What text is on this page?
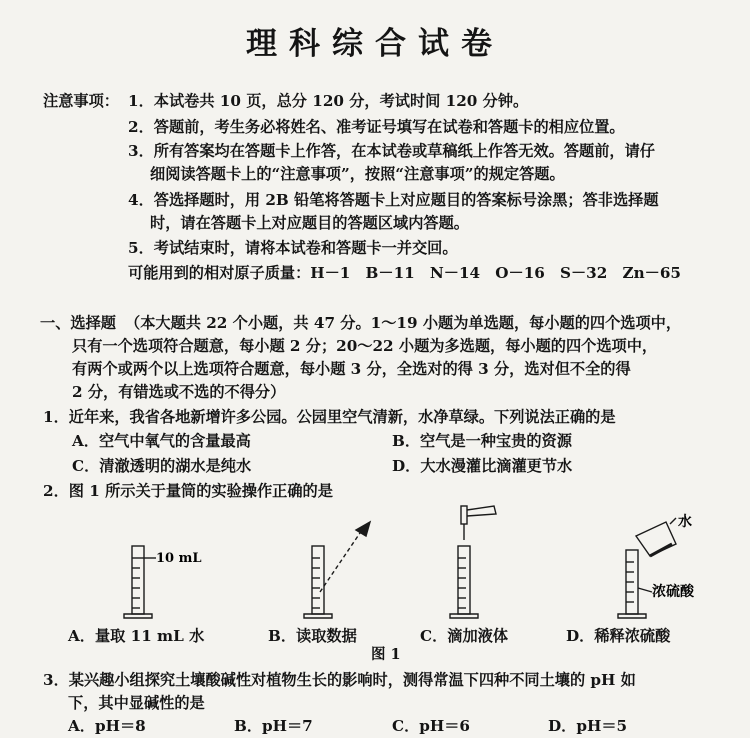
理科综合试卷
注意事项： 1．本试卷共 10 页，总分 120 分，考试时间 120 分钟。
2．答题前，考生务必将姓名、准考证号填写在试卷和答题卡的相应位置。
3．所有答案均在答题卡上作答，在本试卷或草稿纸上作答无效。答题前，请仔
细阅读答题卡上的“注意事项”，按照“注意事项”的规定答题。
4．答选择题时，用 2B 铅笔将答题卡上对应题目的答案标号涂黑；答非选择题
时，请在答题卡上对应题目的答题区域内答题。
5．考试结束时，请将本试卷和答题卡一并交回。
可能用到的相对原子质量：H－1　B－11　N－14　O－16　S－32　Zn－65
一、选择题 （本大题共 22 个小题，共 47 分。1～19 小题为单选题，每小题的四个选项中，
只有一个选项符合题意，每小题 2 分；20～22 小题为多选题，每小题的四个选项中，
有两个或两个以上选项符合题意，每小题 3 分，全选对的得 3 分，选对但不全的得
2 分，有错选或不选的不得分）
1．近年来，我省各地新增许多公园。公园里空气清新，水净草绿。下列说法正确的是
A．空气中氧气的含量最高	B．空气是一种宝贵的资源
C．清澈透明的湖水是纯水	D．大水漫灌比滴灌更节水
2．图 1 所示关于量筒的实验操作正确的是
10 mL
水
浓硫酸
A．量取 11 mL 水	B．读取数据	C．滴加液体	D．稀释浓硫酸
图 1
3．某兴趣小组探究土壤酸碱性对植物生长的影响时，测得常温下四种不同土壤的 pH 如
下，其中显碱性的是
A．pH＝8	B．pH＝7	C．pH＝6	D．pH＝5
